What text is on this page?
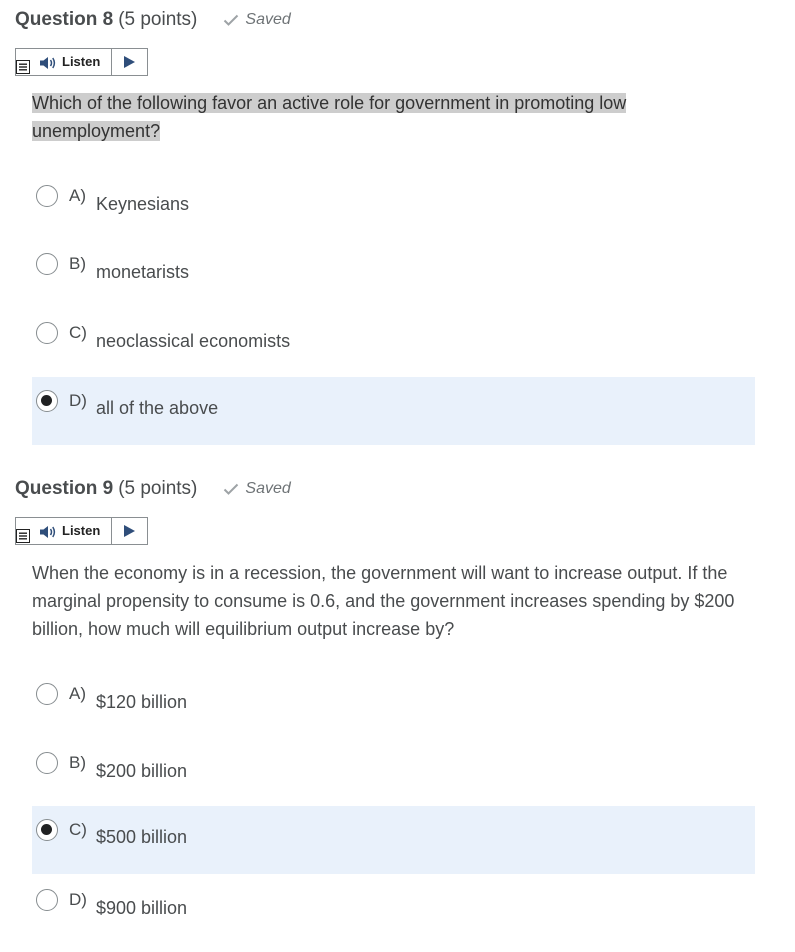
Question 8 (5 points)	Saved
Listen
Which of the following favor an active role for government in promoting low unemployment?
A) Keynesians
B) monetarists
C) neoclassical economists
D) all of the above
Question 9 (5 points)	Saved
Listen
When the economy is in a recession, the government will want to increase output. If the marginal propensity to consume is 0.6, and the government increases spending by $200 billion, how much will equilibrium output increase by?
A) $120 billion
B) $200 billion
C) $500 billion
D) $900 billion
